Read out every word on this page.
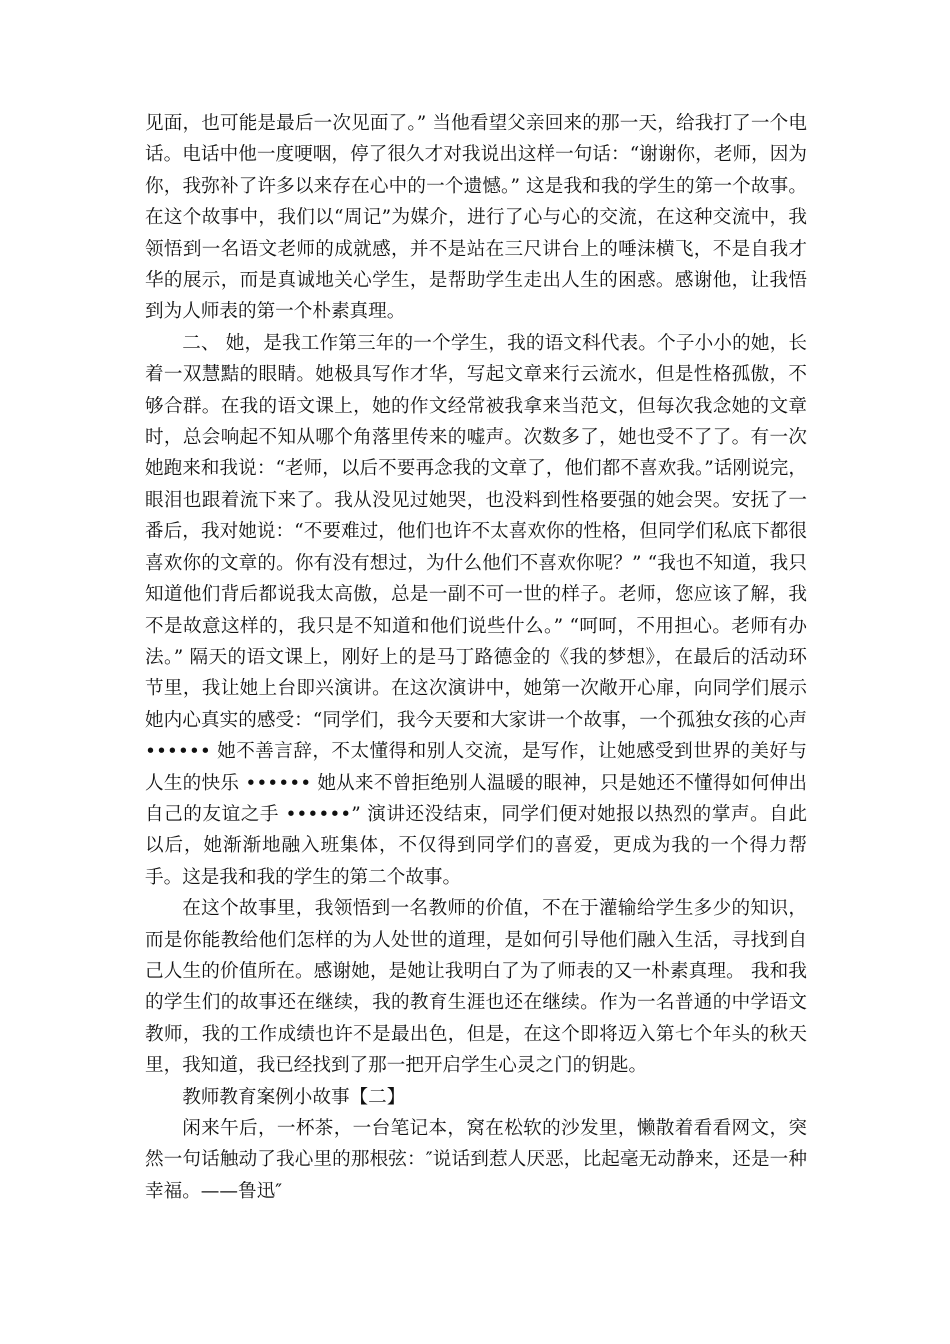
见面，也可能是最后一次见面了。” 当他看望父亲回来的那一天，给我打了一个电话。电话中他一度哽咽，停了很久才对我说出这样一句话：“谢谢你，老师，因为你，我弥补了许多以来存在心中的一个遗憾。” 这是我和我的学生的第一个故事。在这个故事中，我们以“周记”为媒介，进行了心与心的交流，在这种交流中，我领悟到一名语文老师的成就感，并不是站在三尺讲台上的唾沫横飞，不是自我才华的展示，而是真诚地关心学生，是帮助学生走出人生的困惑。感谢他，让我悟到为人师表的第一个朴素真理。

二、 她，是我工作第三年的一个学生，我的语文科代表。个子小小的她，长着一双慧黠的眼睛。她极具写作才华，写起文章来行云流水，但是性格孤傲，不够合群。在我的语文课上，她的作文经常被我拿来当范文，但每次我念她的文章时，总会响起不知从哪个角落里传来的嘘声。次数多了，她也受不了了。有一次她跑来和我说：“老师，以后不要再念我的文章了，他们都不喜欢我。”话刚说完，眼泪也跟着流下来了。我从没见过她哭，也没料到性格要强的她会哭。安抚了一番后，我对她说：“不要难过，他们也许不太喜欢你的性格，但同学们私底下都很喜欢你的文章的。你有没有想过，为什么他们不喜欢你呢？” “我也不知道，我只知道他们背后都说我太高傲，总是一副不可一世的样子。老师，您应该了解，我不是故意这样的，我只是不知道和他们说些什么。” “呵呵，不用担心。老师有办法。” 隔天的语文课上，刚好上的是马丁路德金的《我的梦想》，在最后的活动环节里，我让她上台即兴演讲。在这次演讲中，她第一次敞开心扉，向同学们展示她内心真实的感受：“同学们，我今天要和大家讲一个故事，一个孤独女孩的心声 •••••• 她不善言辞，不太懂得和别人交流，是写作，让她感受到世界的美好与人生的快乐 •••••• 她从来不曾拒绝别人温暖的眼神，只是她还不懂得如何伸出自己的友谊之手 ••••••” 演讲还没结束，同学们便对她报以热烈的掌声。自此以后，她渐渐地融入班集体，不仅得到同学们的喜爱，更成为我的一个得力帮手。这是我和我的学生的第二个故事。

在这个故事里，我领悟到一名教师的价值，不在于灌输给学生多少的知识，而是你能教给他们怎样的为人处世的道理，是如何引导他们融入生活，寻找到自己人生的价值所在。感谢她，是她让我明白了为了师表的又一朴素真理。 我和我的学生们的故事还在继续，我的教育生涯也还在继续。作为一名普通的中学语文教师，我的工作成绩也许不是最出色，但是，在这个即将迈入第七个年头的秋天里，我知道，我已经找到了那一把开启学生心灵之门的钥匙。

教师教育案例小故事【二】

闲来午后，一杯茶，一台笔记本，窝在松软的沙发里，懒散着看看网文，突然一句话触动了我心里的那根弦：″说话到惹人厌恶，比起毫无动静来，还是一种幸福。——鲁迅″
